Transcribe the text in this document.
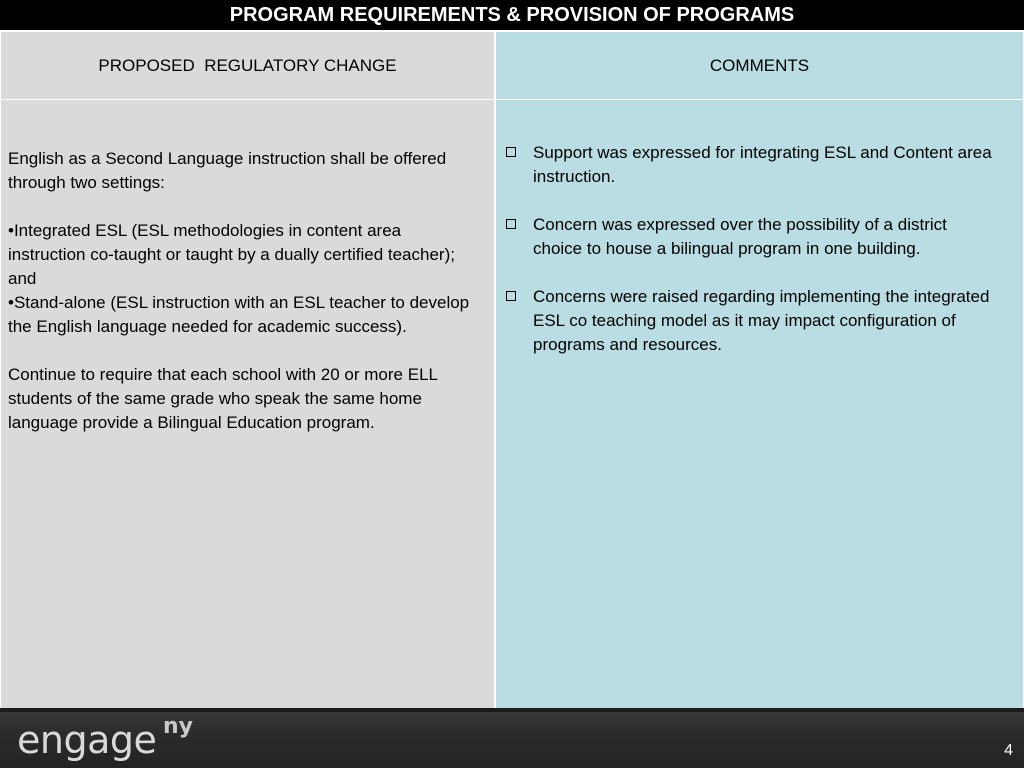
PROGRAM REQUIREMENTS & PROVISION OF PROGRAMS
PROPOSED  REGULATORY CHANGE	COMMENTS

English as a Second Language instruction shall be offered through two settings:

•Integrated ESL (ESL methodologies in content area instruction co-taught or taught by a dually certified teacher); and

•Stand-alone (ESL instruction with an ESL teacher to develop the English language needed for academic success).

Continue to require that each school with 20 or more ELL students of the same grade who speak the same home language provide a Bilingual Education program.

Support was expressed for integrating ESL and Content area instruction.
Concern was expressed over the possibility of a district choice to house a bilingual program in one building.
Concerns were raised regarding implementing the integrated ESL co teaching model as it may impact configuration of programs and resources.
engage ny
4
